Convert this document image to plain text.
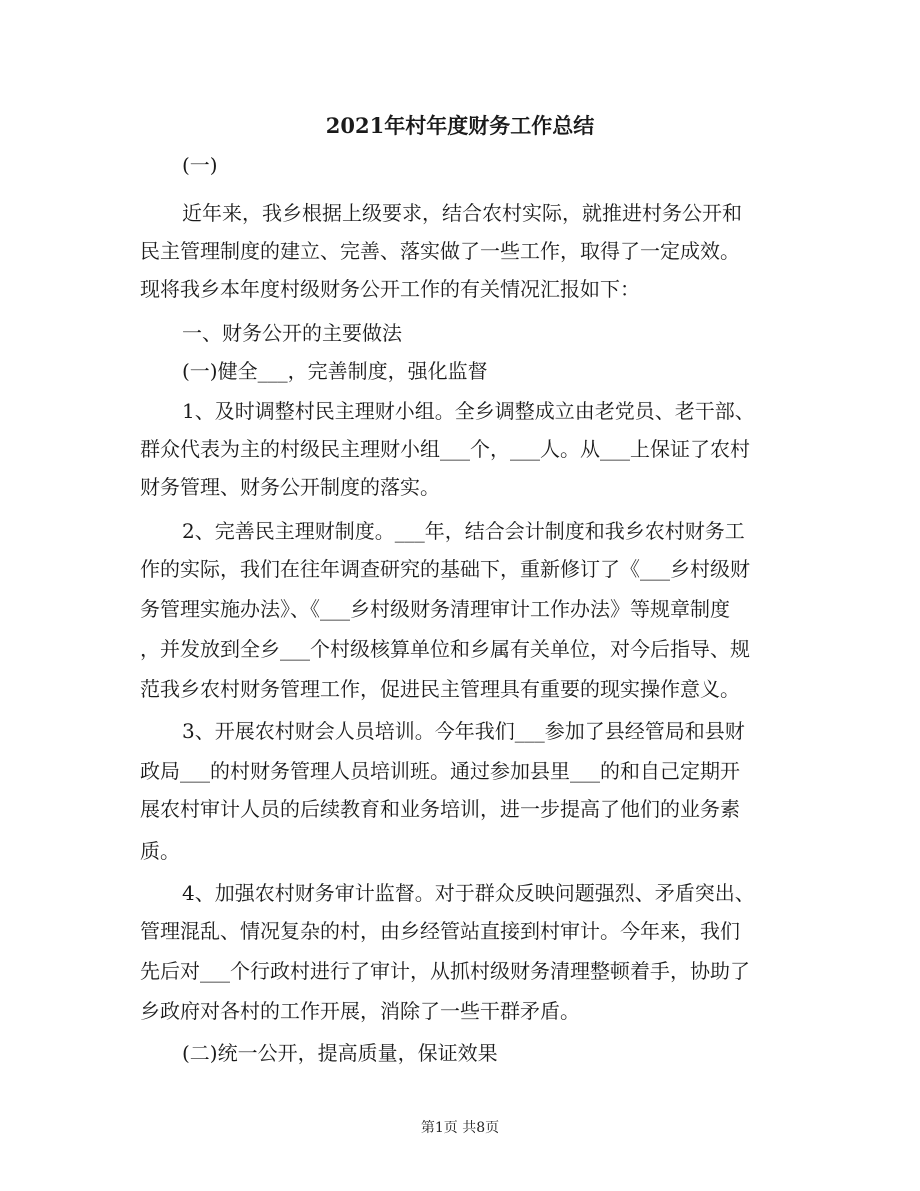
2021年村年度财务工作总结
(一)
近年来，我乡根据上级要求，结合农村实际，就推进村务公开和
民主管理制度的建立、完善、落实做了一些工作，取得了一定成效。
现将我乡本年度村级财务公开工作的有关情况汇报如下：
一、财务公开的主要做法
(一)健全___，完善制度，强化监督
1、及时调整村民主理财小组。全乡调整成立由老党员、老干部、
群众代表为主的村级民主理财小组___个，___人。从___上保证了农村
财务管理、财务公开制度的落实。
2、完善民主理财制度。___年，结合会计制度和我乡农村财务工
作的实际，我们在往年调查研究的基础下，重新修订了《___乡村级财
务管理实施办法》、《___乡村级财务清理审计工作办法》等规章制度
，并发放到全乡___个村级核算单位和乡属有关单位，对今后指导、规
范我乡农村财务管理工作，促进民主管理具有重要的现实操作意义。
3、开展农村财会人员培训。今年我们___参加了县经管局和县财
政局___的村财务管理人员培训班。通过参加县里___的和自己定期开
展农村审计人员的后续教育和业务培训，进一步提高了他们的业务素
质。
4、加强农村财务审计监督。对于群众反映问题强烈、矛盾突出、
管理混乱、情况复杂的村，由乡经管站直接到村审计。今年来，我们
先后对___个行政村进行了审计，从抓村级财务清理整顿着手，协助了
乡政府对各村的工作开展，消除了一些干群矛盾。
(二)统一公开，提高质量，保证效果
第1页 共8页
